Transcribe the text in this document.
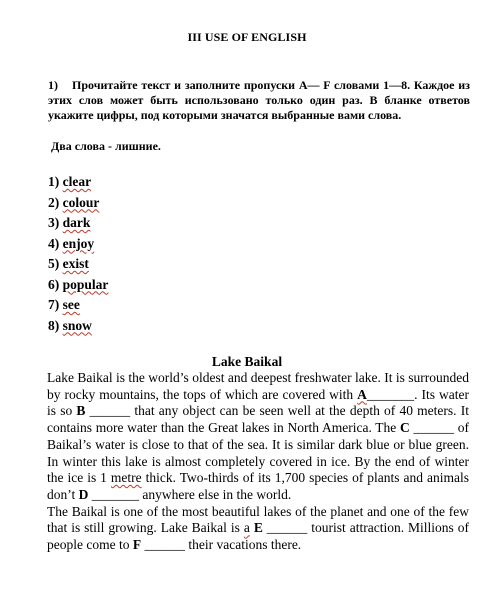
III USE OF ENGLISH
1) Прочитайте текст и заполните пропуски А— F словами 1—8. Каждое из этих слов может быть использовано только один раз. В бланке ответов укажите цифры, под которыми значатся выбранные вами слова.
Два слова - лишние.
1) clear
2) colour
3) dark
4) enjoy
5) exist
6) popular
7) see
8) snow
Lake Baikal

Lake Baikal is the world’s oldest and deepest freshwater lake. It is surrounded by rocky mountains, the tops of which are covered with A_______. Its water is so B ______ that any object can be seen well at the depth of 40 meters. It contains more water than the Great lakes in North America. The C ______ of Baikal’s water is close to that of the sea. It is similar dark blue or blue green. In winter this lake is almost completely covered in ice. By the end of winter the ice is 1 metre thick. Two-thirds of its 1,700 species of plants and animals don’t D _______ anywhere else in the world.

The Baikal is one of the most beautiful lakes of the planet and one of the few that is still growing. Lake Baikal is a E ______ tourist attraction. Millions of people come to F ______ their vacations there.
